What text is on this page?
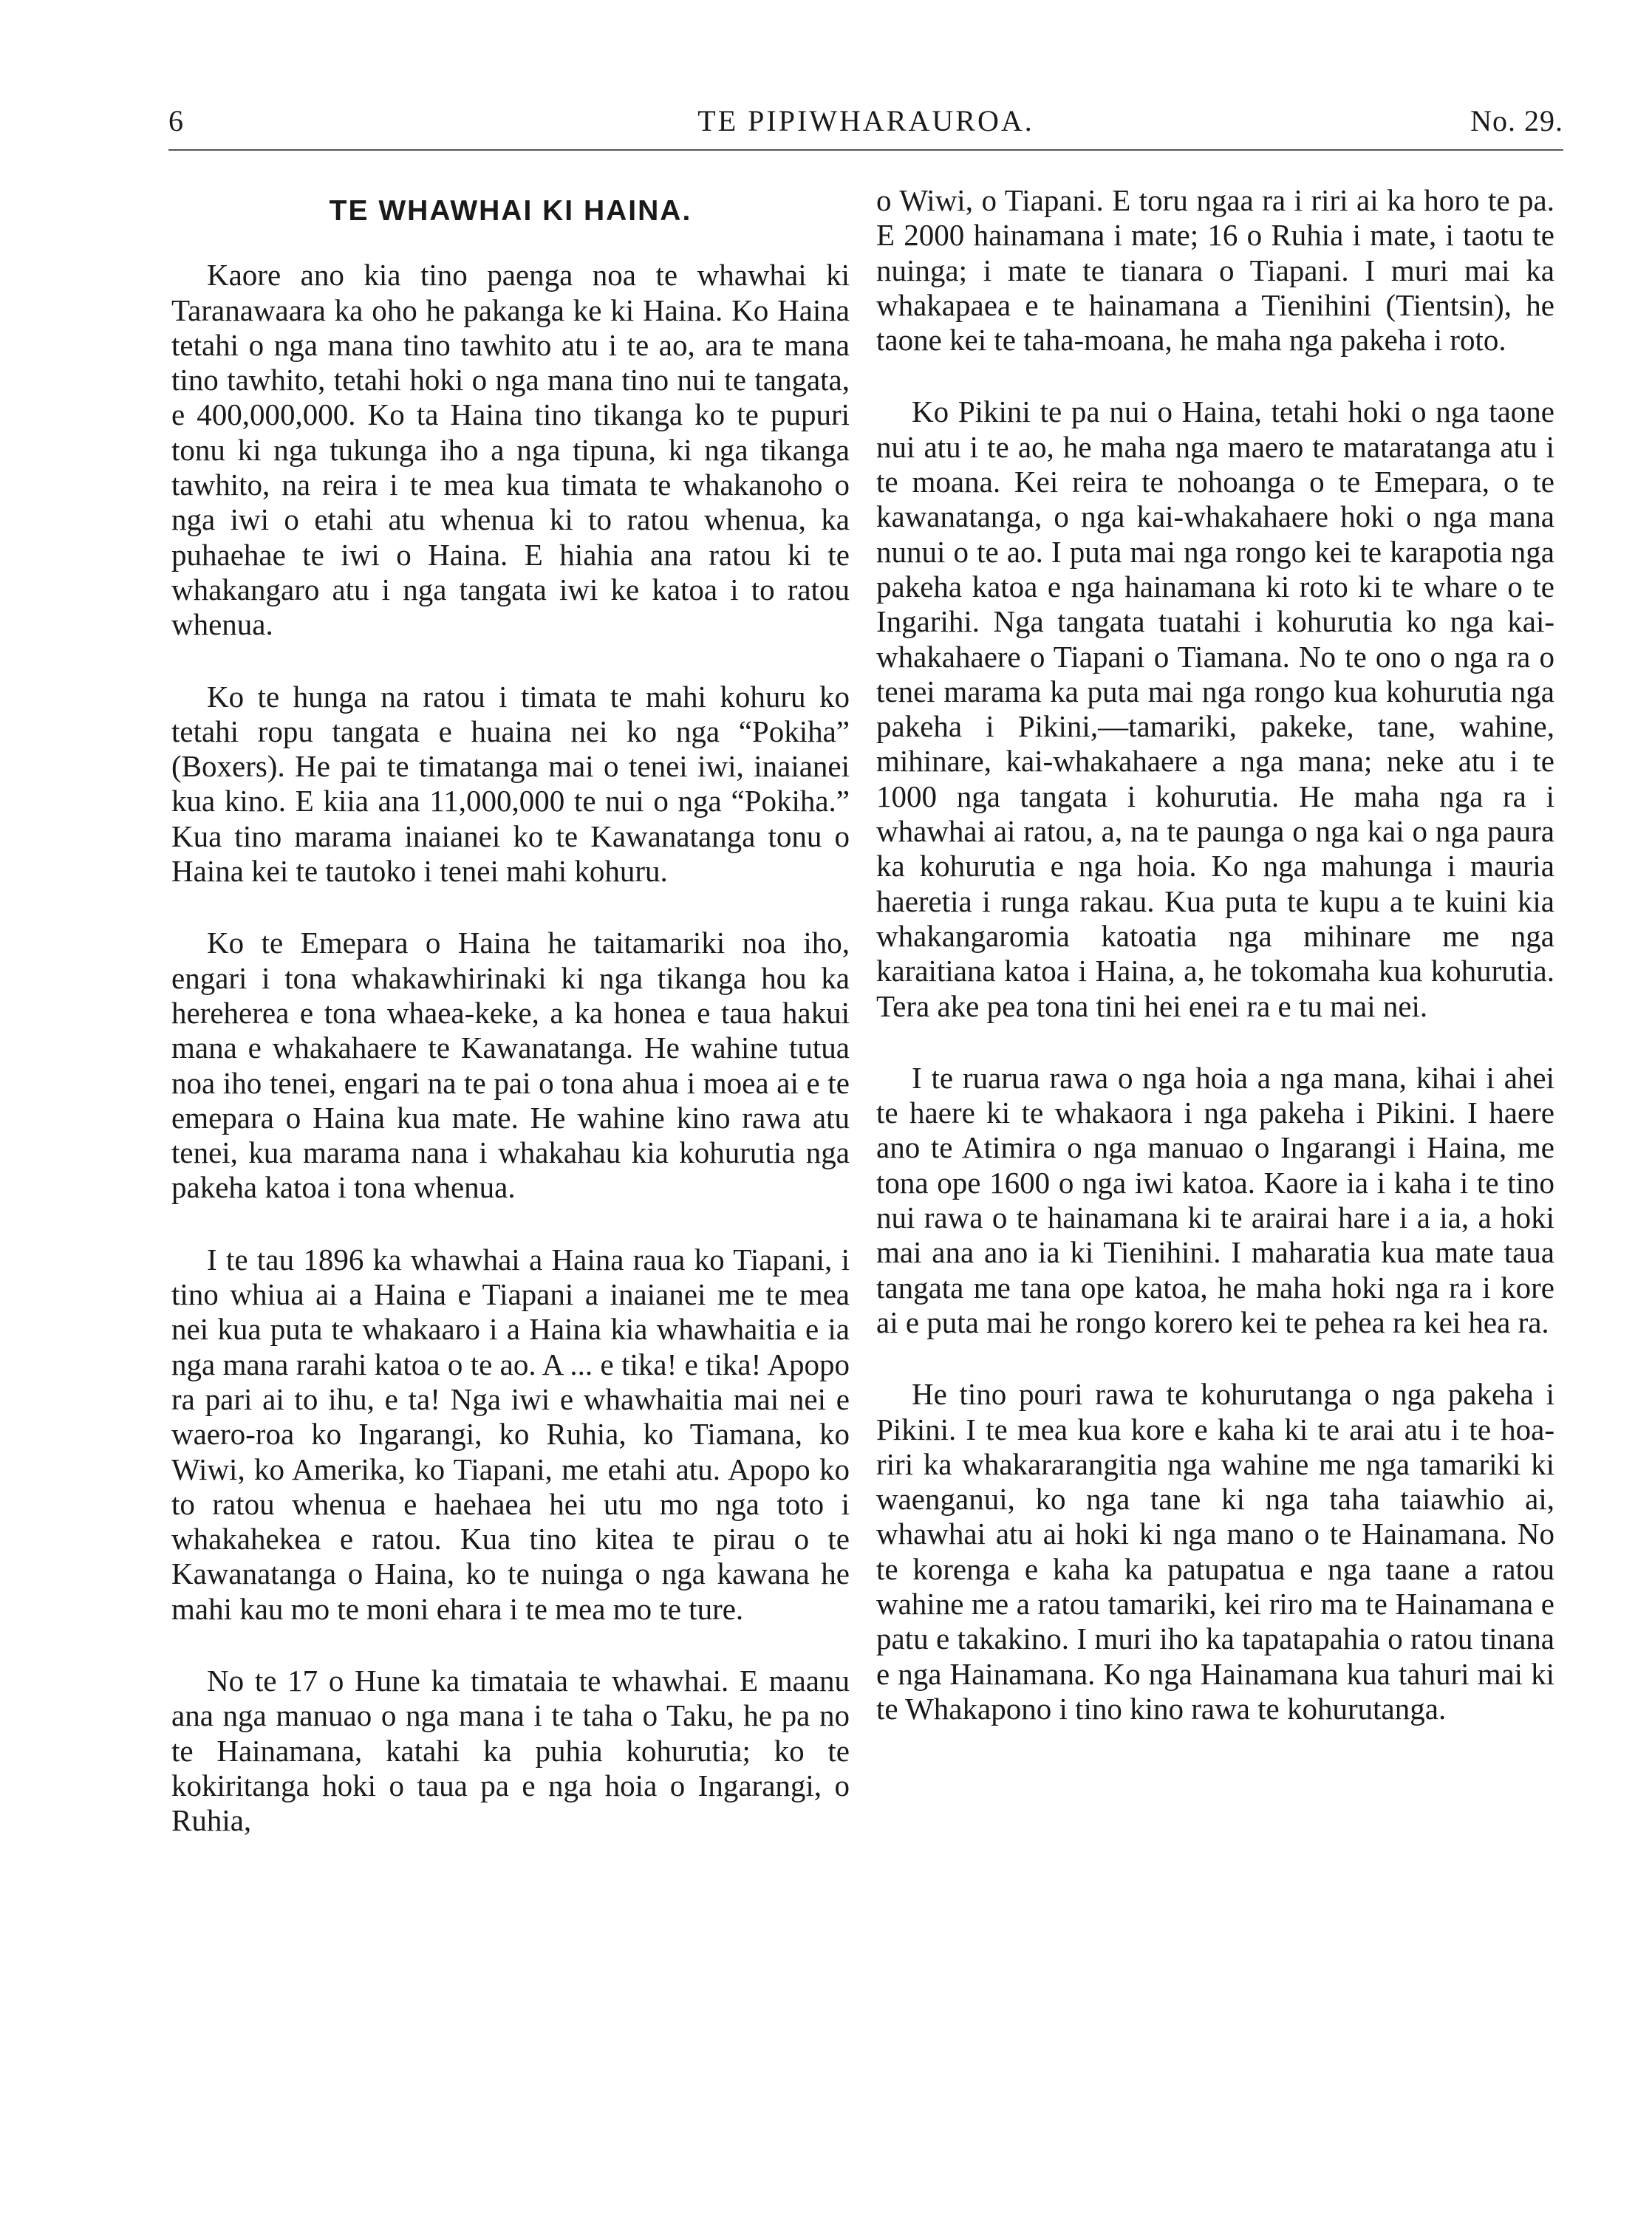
6	TE PIPIWHARAUROA.	No. 29.
TE WHAWHAI KI HAINA.

Kaore ano kia tino paenga noa te whawhai ki Taranawaara ka oho he pakanga ke ki Haina. Ko Haina tetahi o nga mana tino tawhito atu i te ao, ara te mana tino tawhito, tetahi hoki o nga mana tino nui te tangata, e 400,000,000. Ko ta Haina tino tikanga ko te pupuri tonu ki nga tukunga iho a nga tipuna, ki nga tikanga tawhito, na reira i te mea kua timata te whakanoho o nga iwi o etahi atu whenua ki to ratou whenua, ka puhaehae te iwi o Haina. E hiahia ana ratou ki te whakangaro atu i nga tangata iwi ke katoa i to ratou whenua.

Ko te hunga na ratou i timata te mahi kohuru ko tetahi ropu tangata e huaina nei ko nga “Pokiha” (Boxers). He pai te timatanga mai o tenei iwi, inaianei kua kino. E kiia ana 11,000,000 te nui o nga “Pokiha.” Kua tino marama inaianei ko te Kawanatanga tonu o Haina kei te tautoko i tenei mahi kohuru.

Ko te Emepara o Haina he taitamariki noa iho, engari i tona whakawhirinaki ki nga tikanga hou ka hereherea e tona whaea-keke, a ka honea e taua hakui mana e whakahaere te Kawanatanga. He wahine tutua noa iho tenei, engari na te pai o tona ahua i moea ai e te emepara o Haina kua mate. He wahine kino rawa atu tenei, kua marama nana i whakahau kia kohurutia nga pakeha katoa i tona whenua.

I te tau 1896 ka whawhai a Haina raua ko Tiapani, i tino whiua ai a Haina e Tiapani a inaianei me te mea nei kua puta te whakaaro i a Haina kia whawhaitia e ia nga mana rarahi katoa o te ao. A ... e tika! e tika! Apopo ra pari ai to ihu, e ta! Nga iwi e whawhaitia mai nei e waero-roa ko Ingarangi, ko Ruhia, ko Tiamana, ko Wiwi, ko Amerika, ko Tiapani, me etahi atu. Apopo ko to ratou whenua e haehaea hei utu mo nga toto i whakahekea e ratou. Kua tino kitea te pirau o te Kawanatanga o Haina, ko te nuinga o nga kawana he mahi kau mo te moni ehara i te mea mo te ture.

No te 17 o Hune ka timataia te whawhai. E maanu ana nga manuao o nga mana i te taha o Taku, he pa no te Hainamana, katahi ka puhia kohurutia; ko te kokiritanga hoki o taua pa e nga hoia o Ingarangi, o Ruhia,

o Wiwi, o Tiapani. E toru ngaa ra i riri ai ka horo te pa. E 2000 hainamana i mate; 16 o Ruhia i mate, i taotu te nuinga; i mate te tianara o Tiapani. I muri mai ka whakapaea e te hainamana a Tienihini (Tientsin), he taone kei te taha-moana, he maha nga pakeha i roto.

Ko Pikini te pa nui o Haina, tetahi hoki o nga taone nui atu i te ao, he maha nga maero te mataratanga atu i te moana. Kei reira te nohoanga o te Emepara, o te kawanatanga, o nga kai-whakahaere hoki o nga mana nunui o te ao. I puta mai nga rongo kei te karapotia nga pakeha katoa e nga hainamana ki roto ki te whare o te Ingarihi. Nga tangata tuatahi i kohurutia ko nga kai-whakahaere o Tiapani o Tiamana. No te ono o nga ra o tenei marama ka puta mai nga rongo kua kohurutia nga pakeha i Pikini,—tamariki, pakeke, tane, wahine, mihinare, kai-whakahaere a nga mana; neke atu i te 1000 nga tangata i kohurutia. He maha nga ra i whawhai ai ratou, a, na te paunga o nga kai o nga paura ka kohurutia e nga hoia. Ko nga mahunga i mauria haeretia i runga rakau. Kua puta te kupu a te kuini kia whakangaromia katoatia nga mihinare me nga karaitiana katoa i Haina, a, he tokomaha kua kohurutia. Tera ake pea tona tini hei enei ra e tu mai nei.

I te ruarua rawa o nga hoia a nga mana, kihai i ahei te haere ki te whakaora i nga pakeha i Pikini. I haere ano te Atimira o nga manuao o Ingarangi i Haina, me tona ope 1600 o nga iwi katoa. Kaore ia i kaha i te tino nui rawa o te hainamana ki te arairai hare i a ia, a hoki mai ana ano ia ki Tienihini. I maharatia kua mate taua tangata me tana ope katoa, he maha hoki nga ra i kore ai e puta mai he rongo korero kei te pehea ra kei hea ra.

He tino pouri rawa te kohurutanga o nga pakeha i Pikini. I te mea kua kore e kaha ki te arai atu i te hoa-riri ka whakararangitia nga wahine me nga tamariki ki waenganui, ko nga tane ki nga taha taiawhio ai, whawhai atu ai hoki ki nga mano o te Hainamana. No te korenga e kaha ka patupatua e nga taane a ratou wahine me a ratou tamariki, kei riro ma te Hainamana e patu e takakino. I muri iho ka tapatapahia o ratou tinana e nga Hainamana. Ko nga Hainamana kua tahuri mai ki te Whakapono i tino kino rawa te kohurutanga.
